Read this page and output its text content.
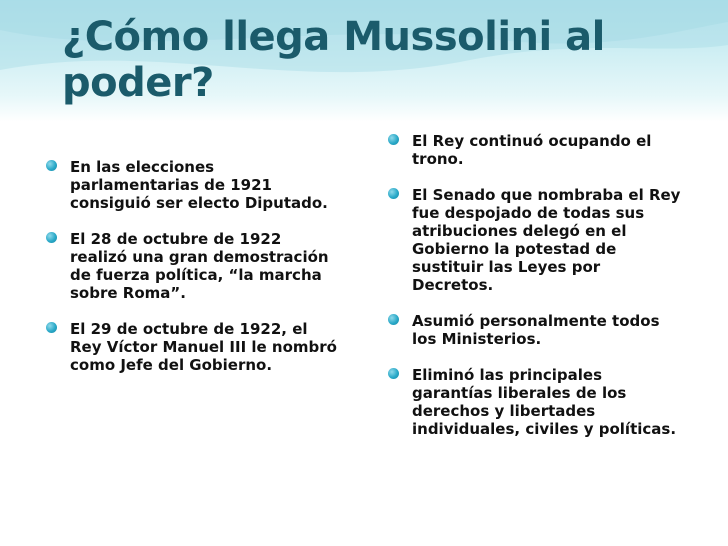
¿Cómo llega Mussolini al poder?
En las elecciones parlamentarias de 1921 consiguió ser electo Diputado.
El 28 de octubre de 1922 realizó una gran demostración de fuerza política, “la marcha sobre Roma”.
El 29 de octubre de 1922, el Rey Víctor Manuel III le nombró como Jefe del Gobierno.
El Rey continuó ocupando el trono.
El Senado que nombraba el Rey fue despojado de todas sus atribuciones delegó en el Gobierno la potestad de sustituir las Leyes por Decretos.
Asumió personalmente todos los Ministerios.
Eliminó las principales garantías liberales de los derechos y libertades individuales, civiles y políticas.
